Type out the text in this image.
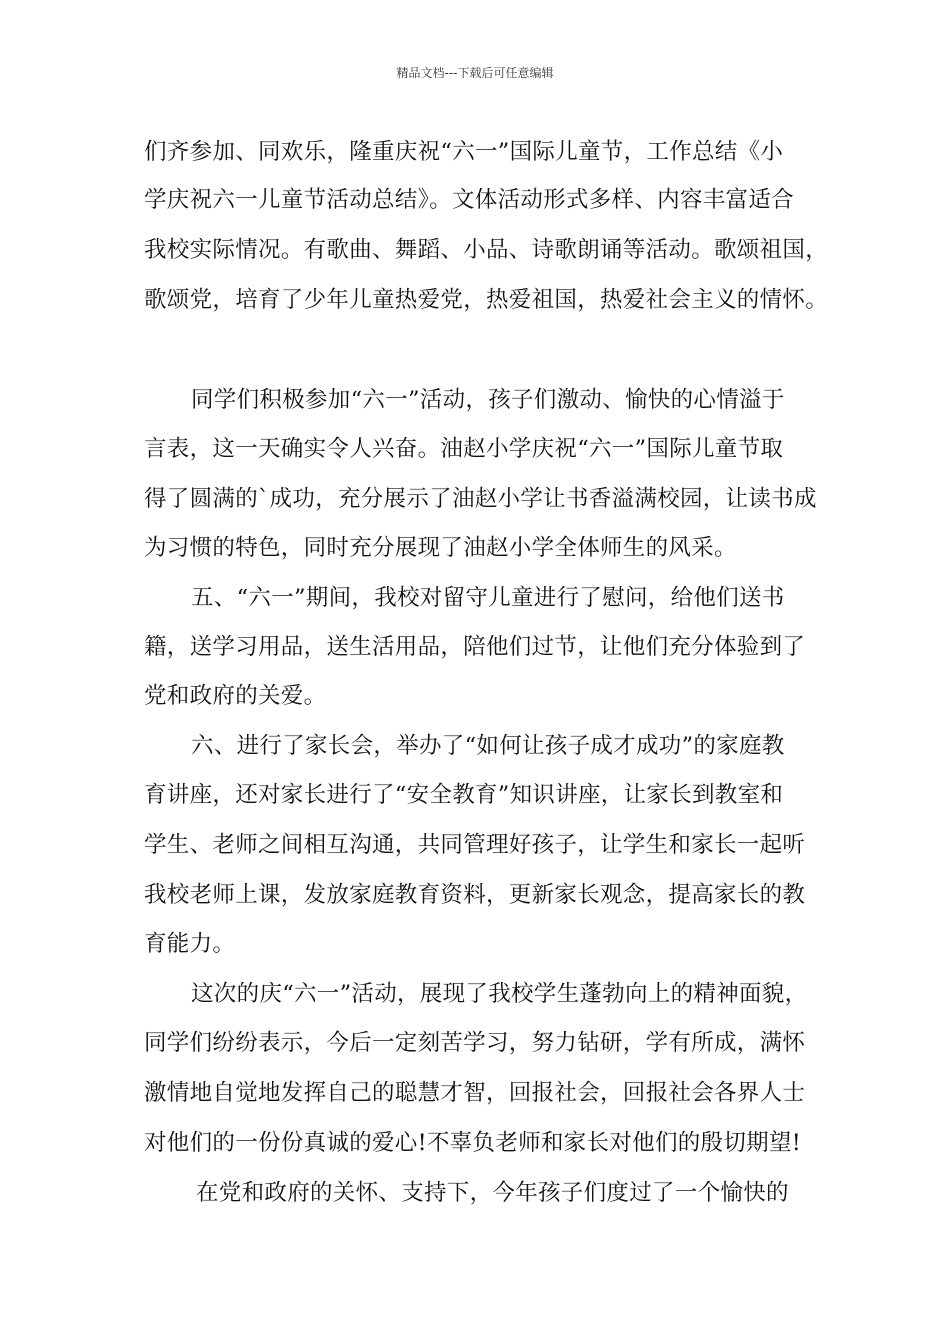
精品文档---下载后可任意编辑
们齐参加、同欢乐，隆重庆祝“六一”国际儿童节，工作总结《小
学庆祝六一儿童节活动总结》。文体活动形式多样、内容丰富适合
我校实际情况。有歌曲、舞蹈、小品、诗歌朗诵等活动。歌颂祖国，
歌颂党，培育了少年儿童热爱党，热爱祖国，热爱社会主义的情怀。
同学们积极参加“六一”活动，孩子们激动、愉快的心情溢于
言表，这一天确实令人兴奋。油赵小学庆祝“六一”国际儿童节取
得了圆满的`成功，充分展示了油赵小学让书香溢满校园，让读书成
为习惯的特色，同时充分展现了油赵小学全体师生的风采。
五、“六一”期间，我校对留守儿童进行了慰问，给他们送书
籍，送学习用品，送生活用品，陪他们过节，让他们充分体验到了
党和政府的关爱。
六、进行了家长会，举办了“如何让孩子成才成功”的家庭教
育讲座，还对家长进行了“安全教育”知识讲座，让家长到教室和
学生、老师之间相互沟通，共同管理好孩子，让学生和家长一起听
我校老师上课，发放家庭教育资料，更新家长观念，提高家长的教
育能力。
这次的庆“六一”活动，展现了我校学生蓬勃向上的精神面貌，
同学们纷纷表示，今后一定刻苦学习，努力钻研，学有所成，满怀
激情地自觉地发挥自己的聪慧才智，回报社会，回报社会各界人士
对他们的一份份真诚的爱心!不辜负老师和家长对他们的殷切期望!
在党和政府的关怀、支持下，今年孩子们度过了一个愉快的
